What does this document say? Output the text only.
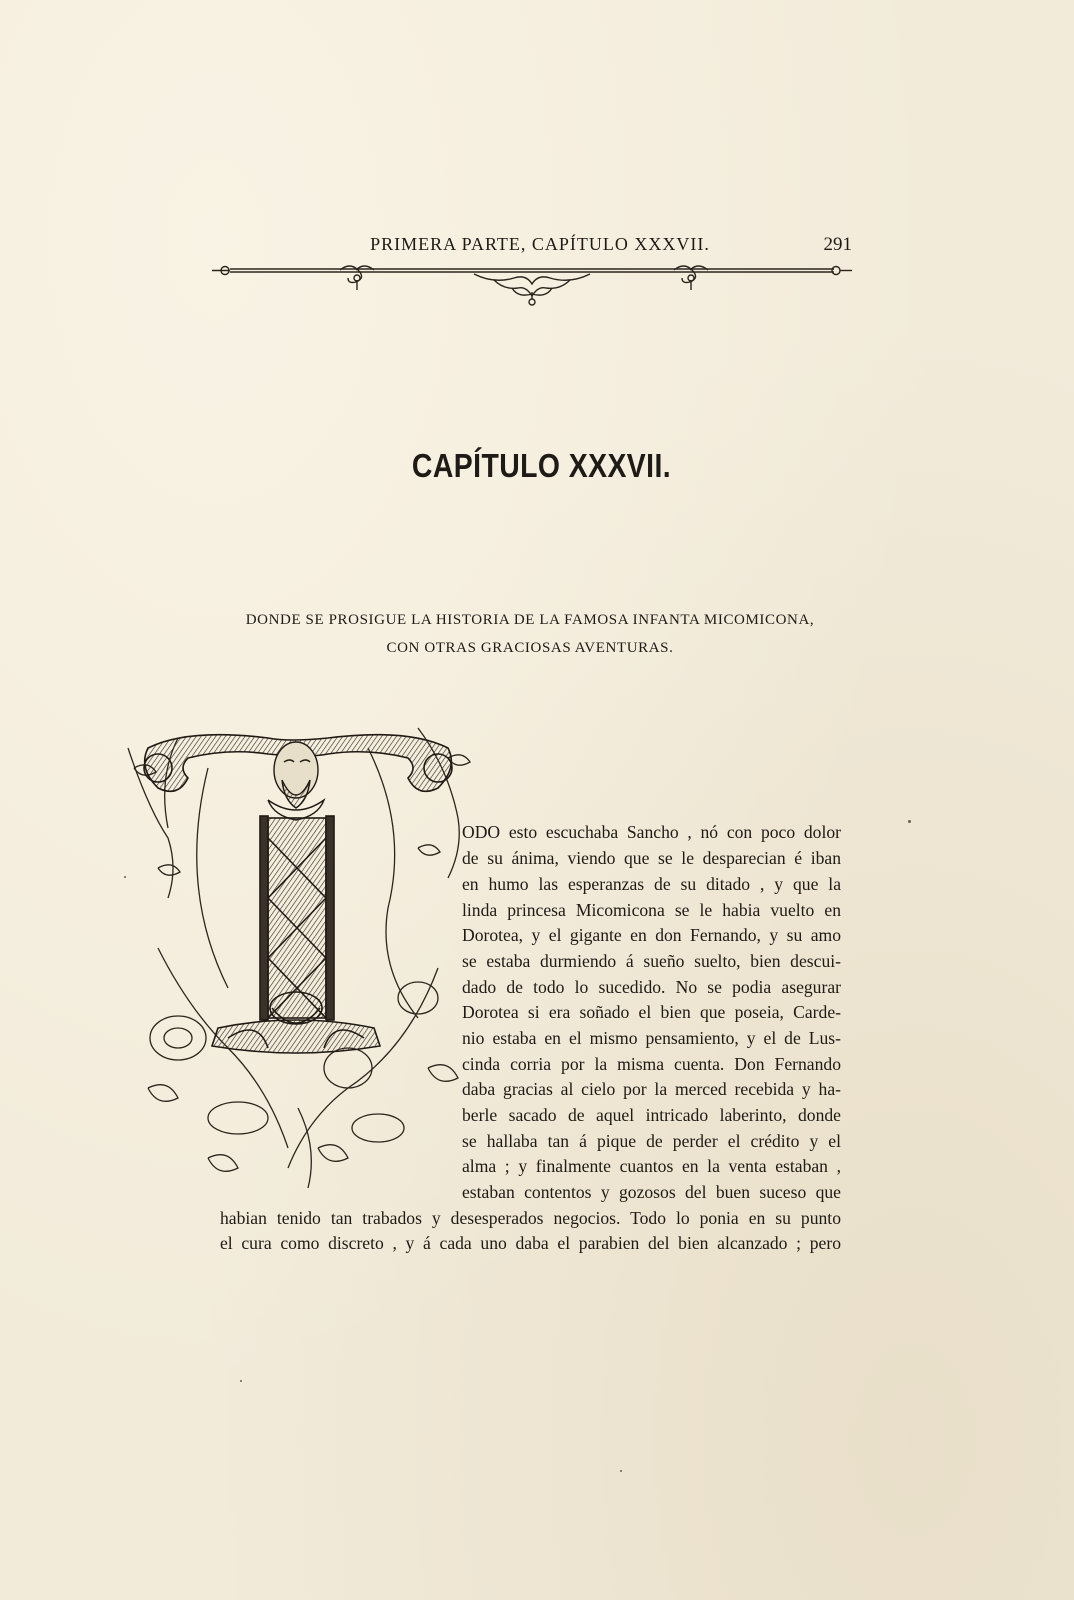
PRIMERA PARTE, CAPÍTULO XXXVII.	291
CAPÍTULO XXXVII.
DONDE SE PROSIGUE LA HISTORIA DE LA FAMOSA INFANTA MICOMICONA,
CON OTRAS GRACIOSAS AVENTURAS.
ODO esto escuchaba Sancho , nó con poco dolor
de su ánima, viendo que se le desparecian é iban
en humo las esperanzas de su ditado , y que la
linda princesa Micomicona se le habia vuelto en
Dorotea, y el gigante en don Fernando, y su amo
se estaba durmiendo á sueño suelto, bien descui-
dado de todo lo sucedido. No se podia asegurar
Dorotea si era soñado el bien que poseia, Carde-
nio estaba en el mismo pensamiento, y el de Lus-
cinda corria por la misma cuenta. Don Fernando
daba gracias al cielo por la merced recebida y ha-
berle sacado de aquel intricado laberinto, donde
se hallaba tan á pique de perder el crédito y el
alma ; y finalmente cuantos en la venta estaban ,
estaban contentos y gozosos del buen suceso que
habian tenido tan trabados y desesperados negocios. Todo lo ponia en su punto
el cura como discreto , y á cada uno daba el parabien del bien alcanzado ; pero
